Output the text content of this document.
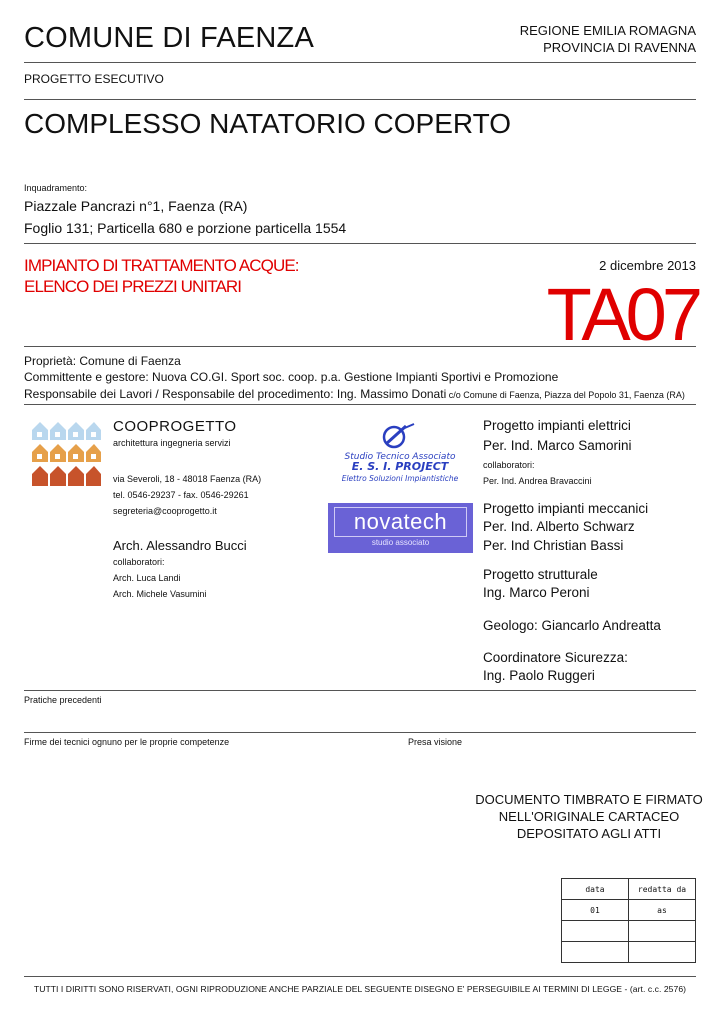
COMUNE DI FAENZA	REGIONE EMILIA ROMAGNA
PROVINCIA DI RAVENNA
PROGETTO ESECUTIVO
COMPLESSO NATATORIO COPERTO
Inquadramento:
Piazzale Pancrazi n°1, Faenza (RA)
Foglio 131; Particella 680 e porzione particella 1554
IMPIANTO DI TRATTAMENTO ACQUE:
ELENCO DEI PREZZI UNITARI
2 dicembre 2013
TA07
Proprietà: Comune di Faenza
Committente e gestore: Nuova CO.GI. Sport soc. coop. p.a. Gestione Impianti Sportivi e Promozione
Responsabile dei Lavori / Responsabile del procedimento: Ing. Massimo Donati c/o Comune di Faenza, Piazza del Popolo 31, Faenza (RA)
COOPROGETTO
architettura ingegneria servizi
via Severoli, 18 - 48018 Faenza (RA)
tel. 0546-29237 - fax. 0546-29261
segreteria@cooprogetto.it
Arch. Alessandro Bucci
collaboratori:
Arch. Luca Landi
Arch. Michele Vasumini
Studio Tecnico Associato
E. S. I. PROJECT
Elettro Soluzioni Impiantistiche
novatech
studio associato
Progetto impianti elettrici
Per. Ind. Marco Samorini
collaboratori:
Per. Ind. Andrea Bravaccini
Progetto impianti meccanici
Per. Ind. Alberto Schwarz
Per. Ind Christian Bassi
Progetto strutturale
Ing. Marco Peroni
Geologo: Giancarlo Andreatta
Coordinatore Sicurezza:
Ing. Paolo Ruggeri
Pratiche precedenti
Firme dei tecnici ognuno per le proprie competenze	Presa visione
DOCUMENTO TIMBRATO E FIRMATO
NELL'ORIGINALE CARTACEO
DEPOSITATO AGLI ATTI
data	redatta da
01	as

TUTTI I DIRITTI SONO RISERVATI, OGNI RIPRODUZIONE ANCHE PARZIALE DEL SEGUENTE DISEGNO E' PERSEGUIBILE AI TERMINI DI LEGGE - (art. c.c. 2576)
